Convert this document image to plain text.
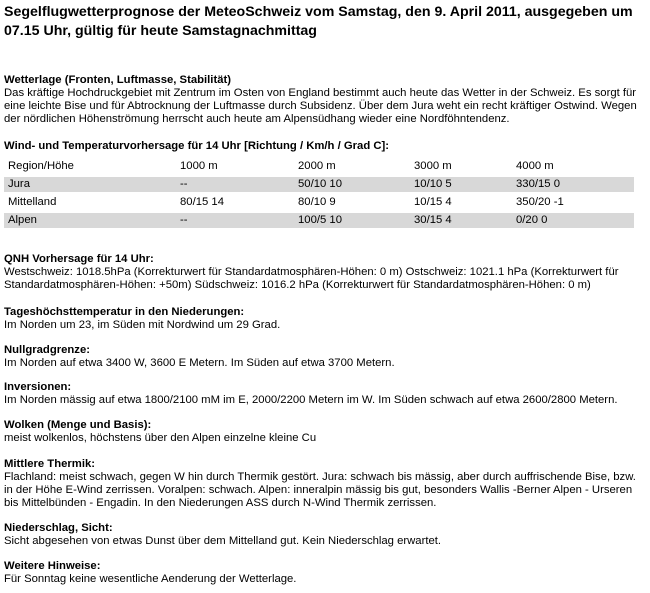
Segelflugwetterprognose der MeteoSchweiz vom Samstag, den 9. April 2011, ausgegeben um 07.15 Uhr, gültig für heute Samstagnachmittag
Wetterlage (Fronten, Luftmasse, Stabilität)
Das kräftige Hochdruckgebiet mit Zentrum im Osten von England bestimmt auch heute das Wetter in der Schweiz. Es sorgt für eine leichte Bise und für Abtrocknung der Luftmasse durch Subsidenz. Über dem Jura weht ein recht kräftiger Ostwind. Wegen der nördlichen Höhenströmung herrscht auch heute am Alpensüdhang wieder eine Nordföhntendenz.
Wind- und Temperaturvorhersage für 14 Uhr [Richtung / Km/h / Grad C]:
Region/Höhe	1000 m	2000 m	3000 m	4000 m
Jura	--	50/10 10	10/10 5	330/15 0
Mittelland	80/15 14	80/10 9	10/15 4	350/20 -1
Alpen	--	100/5 10	30/15 4	0/20 0
QNH Vorhersage für 14 Uhr:
Westschweiz: 1018.5hPa (Korrekturwert für Standardatmosphären-Höhen: 0 m) Ostschweiz: 1021.1 hPa (Korrekturwert für Standardatmosphären-Höhen: +50m) Südschweiz: 1016.2 hPa (Korrekturwert für Standardatmosphären-Höhen: 0 m)
Tageshöchsttemperatur in den Niederungen:
Im Norden um 23, im Süden mit Nordwind um 29 Grad.
Nullgradgrenze:
Im Norden auf etwa 3400 W, 3600 E Metern. Im Süden auf etwa 3700 Metern.
Inversionen:
Im Norden mässig auf etwa 1800/2100 mM im E, 2000/2200 Metern im W. Im Süden schwach auf etwa 2600/2800 Metern.
Wolken (Menge und Basis):
meist wolkenlos, höchstens über den Alpen einzelne kleine Cu
Mittlere Thermik:
Flachland: meist schwach, gegen W hin durch Thermik gestört. Jura: schwach bis mässig, aber durch auffrischende Bise, bzw. in der Höhe E-Wind zerrissen. Voralpen: schwach. Alpen: inneralpin mässig bis gut, besonders Wallis -Berner Alpen - Urseren bis Mittelbünden - Engadin. In den Niederungen ASS durch N-Wind Thermik zerrissen.
Niederschlag, Sicht:
Sicht abgesehen von etwas Dunst über dem Mittelland gut. Kein Niederschlag erwartet.
Weitere Hinweise:
Für Sonntag keine wesentliche Aenderung der Wetterlage.
